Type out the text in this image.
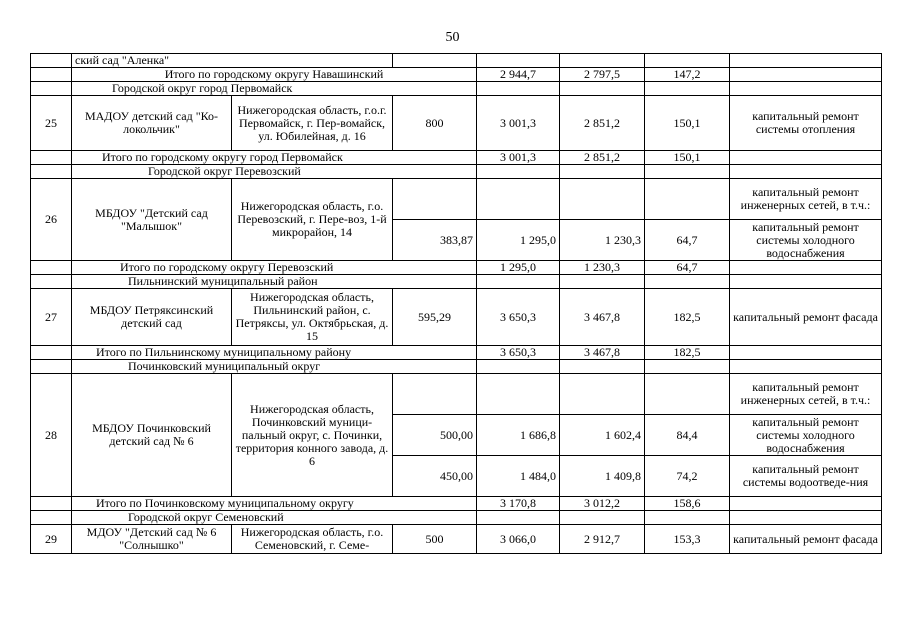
50
	ский сад "Аленка"						
	Итого по городскому округу Навашинский			2 944,7	2 797,5	147,2	
	Городской округ город Первомайск						
25	МАДОУ детский сад "Ко-локольчик"	Нижегородская область, г.о.г. Первомайск, г. Пер-вомайск, ул. Юбилейная, д. 16	800	3 001,3	2 851,2	150,1	капитальный ремонт системы отопления
	Итого по городскому округу город Первомайск			3 001,3	2 851,2	150,1	
	Городской округ Перевозский						
26	МБДОУ "Детский сад "Малышок"	Нижегородская область, г.о. Перевозский, г. Пере-воз, 1-й микрорайон, 14					капитальный ремонт инженерных сетей, в т.ч.:
			383,87	1 295,0	1 230,3	64,7	капитальный ремонт системы холодного водоснабжения
	Итого по городскому округу Перевозский			1 295,0	1 230,3	64,7	
	Пильнинский муниципальный район						
27	МБДОУ Петряксинский детский сад	Нижегородская область, Пильнинский район, с. Петряксы, ул. Октябрьская, д. 15	595,29	3 650,3	3 467,8	182,5	капитальный ремонт фасада
	Итого по Пильнинскому муниципальному району			3 650,3	3 467,8	182,5	
	Починковский муниципальный округ						
28	МБДОУ Починковский детский сад № 6	Нижегородская область, Починковский муници-пальный округ, с. Починки, территория конного завода, д. 6					капитальный ремонт инженерных сетей, в т.ч.:
			500,00	1 686,8	1 602,4	84,4	капитальный ремонт системы холодного водоснабжения
			450,00	1 484,0	1 409,8	74,2	капитальный ремонт системы водоотведе-ния
	Итого по Починковскому муниципальному округу			3 170,8	3 012,2	158,6	
	Городской округ Семеновский						
29	МДОУ "Детский сад № 6 "Солнышко"	Нижегородская область, г.о. Семеновский, г. Семе-	500	3 066,0	2 912,7	153,3	капитальный ремонт фасада
